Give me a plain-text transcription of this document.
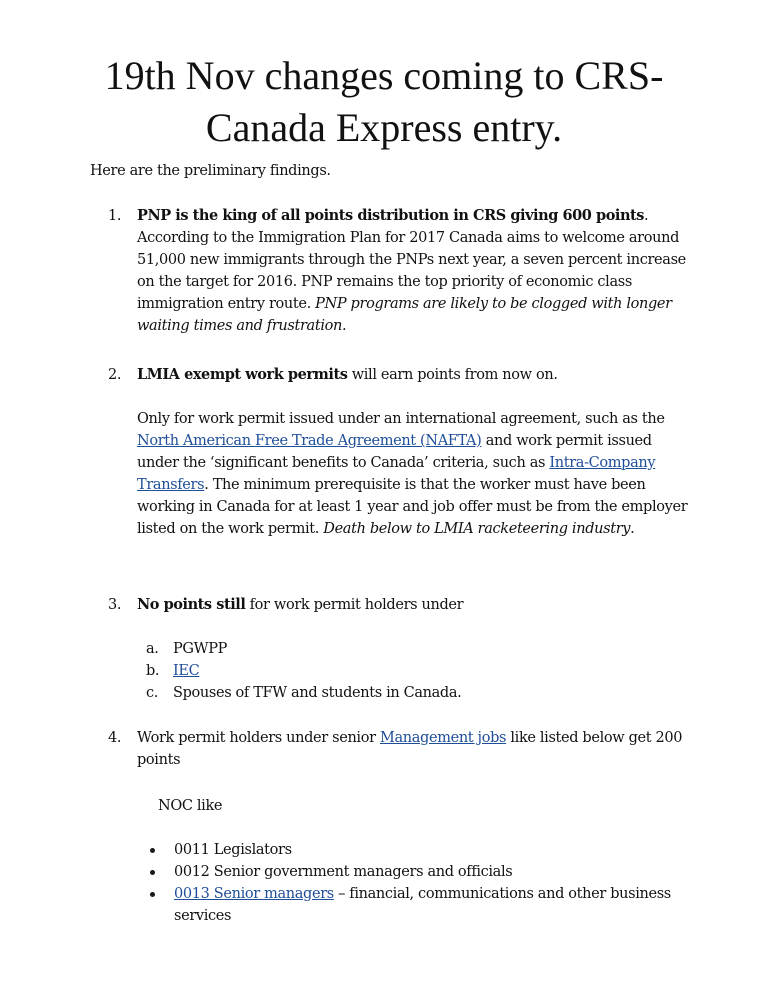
19th Nov changes coming to CRS-
Canada Express entry.
Here are the preliminary findings.
1. PNP is the king of all points distribution in CRS giving 600 points. According to the Immigration Plan for 2017 Canada aims to welcome around 51,000 new immigrants through the PNPs next year, a seven percent increase on the target for 2016. PNP remains the top priority of economic class immigration entry route. PNP programs are likely to be clogged with longer waiting times and frustration.

2. LMIA exempt work permits will earn points from now on.

Only for work permit issued under an international agreement, such as the North American Free Trade Agreement (NAFTA) and work permit issued under the ‘significant benefits to Canada’ criteria, such as Intra-Company Transfers. The minimum prerequisite is that the worker must have been working in Canada for at least 1 year and job offer must be from the employer listed on the work permit. Death below to LMIA racketeering industry.

3. No points still for work permit holders under

a. PGWPP
b. IEC
c. Spouses of TFW and students in Canada.
4. Work permit holders under senior Management jobs like listed below get 200 points

NOC like
0011 Legislators
0012 Senior government managers and officials
0013 Senior managers – financial, communications and other business services
